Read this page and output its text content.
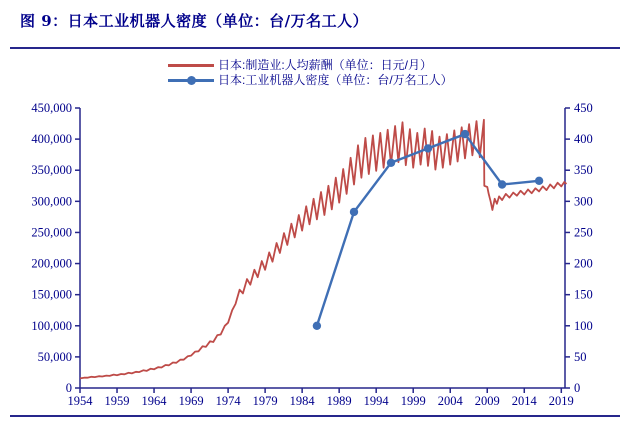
图 9：日本工业机器人密度（单位：台/万名工人）
日本:制造业:人均薪酬（单位：日元/月）
日本:工业机器人密度（单位：台/万名工人）
0
50,000
100,000
150,000
200,000
250,000
300,000
350,000
400,000
450,000
0
50
100
150
200
250
300
350
400
450
1954 1959 1964 1969 1974 1979 1984 1989 1994 1999 2004 2009 2014 2019
